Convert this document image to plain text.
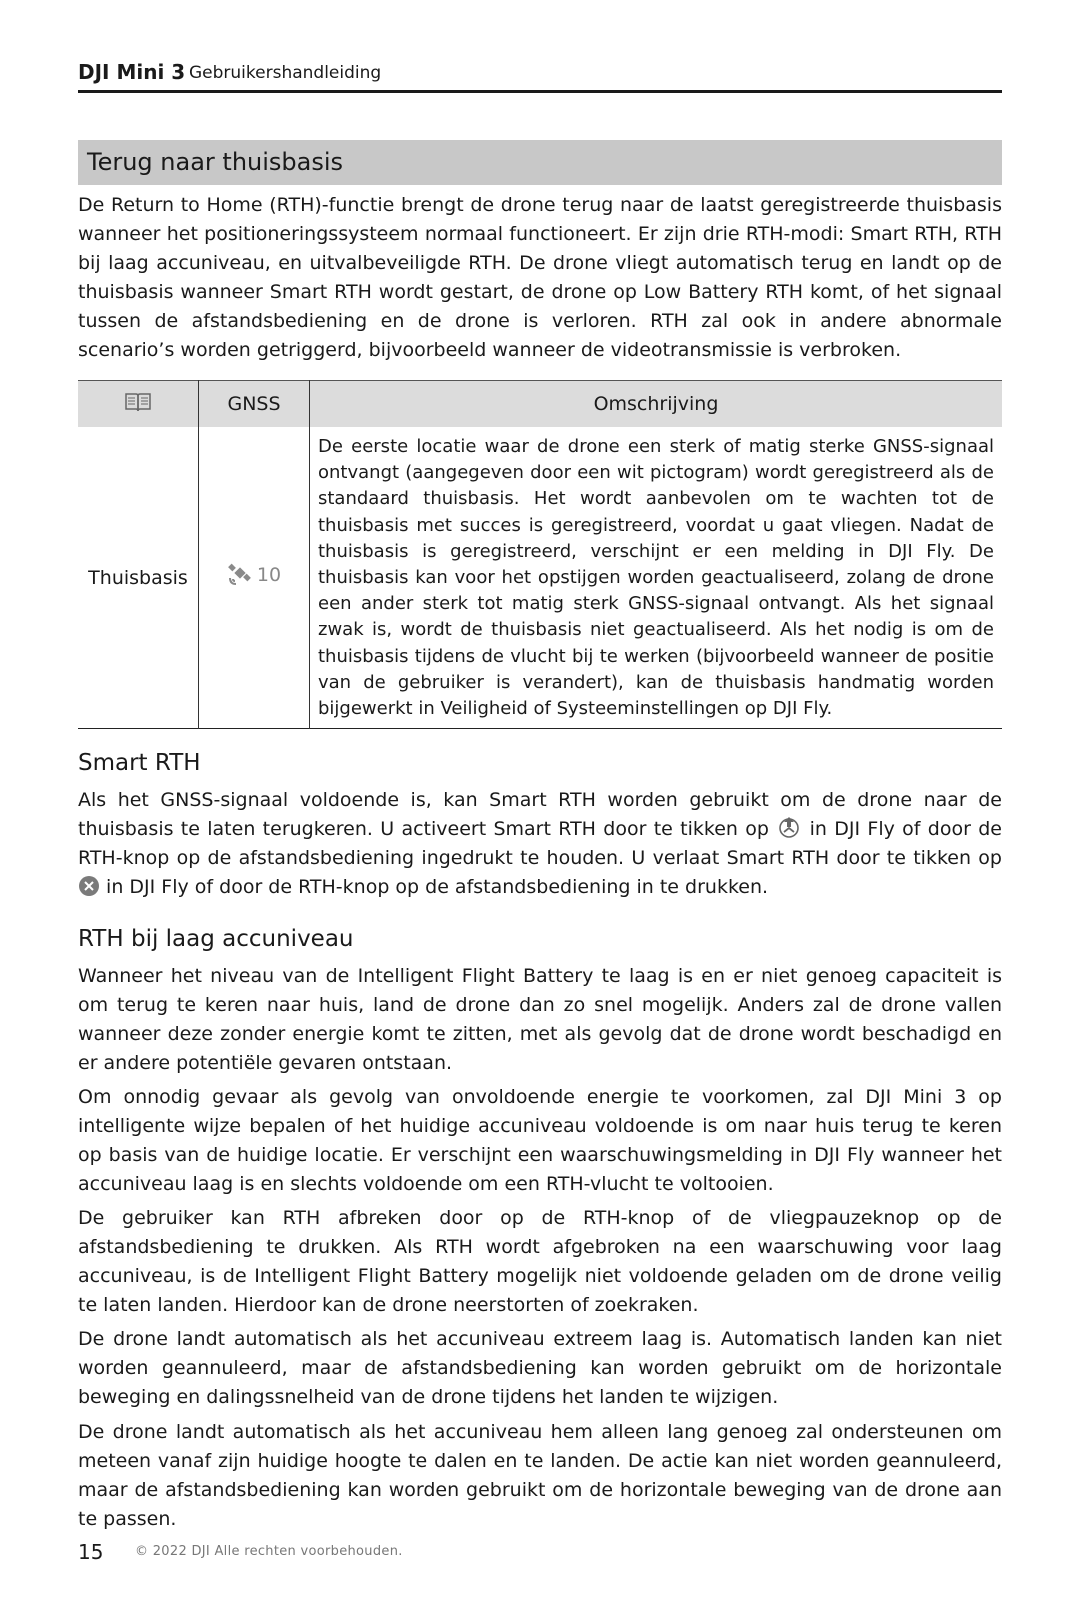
DJI Mini 3 Gebruikershandleiding
Terug naar thuisbasis

De Return to Home (RTH)-functie brengt de drone terug naar de laatst geregistreerde thuisbasis wanneer het positioneringssysteem normaal functioneert. Er zijn drie RTH-modi: Smart RTH, RTH bij laag accuniveau, en uitvalbeveiligde RTH. De drone vliegt automatisch terug en landt op de thuisbasis wanneer Smart RTH wordt gestart, de drone op Low Battery RTH komt, of het signaal tussen de afstandsbediening en de drone is verloren. RTH zal ook in andere abnormale scenario’s worden getriggerd, bijvoorbeeld wanneer de videotransmissie is verbroken.

	GNSS	Omschrijving
Thuisbasis	10	De eerste locatie waar de drone een sterk of matig sterke GNSS-signaal ontvangt (aangegeven door een wit pictogram) wordt geregistreerd als de standaard thuisbasis. Het wordt aanbevolen om te wachten tot de thuisbasis met succes is geregistreerd, voordat u gaat vliegen. Nadat de thuisbasis is geregistreerd, verschijnt er een melding in DJI Fly. De thuisbasis kan voor het opstijgen worden geactualiseerd, zolang de drone een ander sterk tot matig sterk GNSS-signaal ontvangt. Als het signaal zwak is, wordt de thuisbasis niet geactualiseerd. Als het nodig is om de thuisbasis tijdens de vlucht bij te werken (bijvoorbeeld wanneer de positie van de gebruiker is verandert), kan de thuisbasis handmatig worden bijgewerkt in Veiligheid of Systeeminstellingen op DJI Fly.
Smart RTH

Als het GNSS-signaal voldoende is, kan Smart RTH worden gebruikt om de drone naar de thuisbasis te laten terugkeren. U activeert Smart RTH door te tikken op in DJI Fly of door de RTH-knop op de afstandsbediening ingedrukt te houden. U verlaat Smart RTH door te tikken op  in DJI Fly of door de RTH-knop op de afstandsbediening in te drukken.

RTH bij laag accuniveau

Wanneer het niveau van de Intelligent Flight Battery te laag is en er niet genoeg capaciteit is om terug te keren naar huis, land de drone dan zo snel mogelijk. Anders zal de drone vallen wanneer deze zonder energie komt te zitten, met als gevolg dat de drone wordt beschadigd en er andere potentiële gevaren ontstaan.

Om onnodig gevaar als gevolg van onvoldoende energie te voorkomen, zal DJI Mini 3 op intelligente wijze bepalen of het huidige accuniveau voldoende is om naar huis terug te keren op basis van de huidige locatie. Er verschijnt een waarschuwingsmelding in DJI Fly wanneer het accuniveau laag is en slechts voldoende om een RTH-vlucht te voltooien.

De gebruiker kan RTH afbreken door op de RTH-knop of de vliegpauzeknop op de afstandsbediening te drukken. Als RTH wordt afgebroken na een waarschuwing voor laag accuniveau, is de Intelligent Flight Battery mogelijk niet voldoende geladen om de drone veilig te laten landen. Hierdoor kan de drone neerstorten of zoekraken.

De drone landt automatisch als het accuniveau extreem laag is. Automatisch landen kan niet worden geannuleerd, maar de afstandsbediening kan worden gebruikt om de horizontale beweging en dalingssnelheid van de drone tijdens het landen te wijzigen.

De drone landt automatisch als het accuniveau hem alleen lang genoeg zal ondersteunen om meteen vanaf zijn huidige hoogte te dalen en te landen. De actie kan niet worden geannuleerd, maar de afstandsbediening kan worden gebruikt om de horizontale beweging van de drone aan te passen.

15 © 2022 DJI Alle rechten voorbehouden.
